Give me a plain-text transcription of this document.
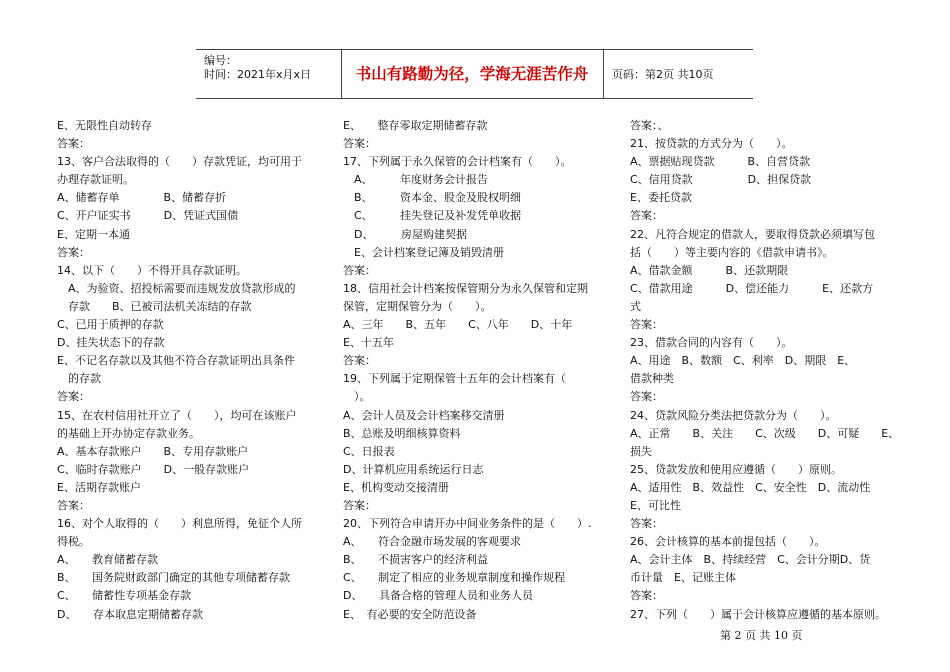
编号：
时间：2021年x月x日	书山有路勤为径，学海无涯苦作舟	页码：第2页 共10页
E、无限性自动转存
答案：
13、客户合法取得的（　　）存款凭证，均可用于
办理存款证明。
A、储蓄存单　　　　B、储蓄存折
C、开户证实书　　　D、凭证式国债
E、定期一本通
答案：
14、以下（　　）不得开具存款证明。
　A、为验资、招投标需要而违规发放贷款形成的
　存款　　B、已被司法机关冻结的存款
C、已用于质押的存款
D、挂失状态下的存款
E、不记名存款以及其他不符合存款证明出具条件
　的存款
答案：
15、在农村信用社开立了（　　），均可在该账户
的基础上开办协定存款业务。
A、基本存款账户　　B、专用存款账户
C、临时存款账户　　D、一般存款账户
E、活期存款账户
答案：
16、对个人取得的（　　）利息所得，免征个人所
得税。
A、　　教育储蓄存款
B、　　国务院财政部门确定的其他专项储蓄存款
C、　　储蓄性专项基金存款
D、　　存本取息定期储蓄存款
E、　　整存零取定期储蓄存款
答案：
17、下列属于永久保管的会计档案有（　　）。
　A、　　　年度财务会计报告
　B、　　　资本金、股金及股权明细
　C、　　　挂失登记及补发凭单收据
　D、　　　房屋购建契据
　E、会计档案登记簿及销毁清册
答案：
18、信用社会计档案按保管期分为永久保管和定期
保管，定期保管分为（　　）。
A、三年　　B、五年　　C、八年　　D、十年
E、十五年
答案：
19、下列属于定期保管十五年的会计档案有（
　）。
A、会计人员及会计档案移交清册
B、总账及明细核算资料
C、日报表
D、计算机应用系统运行日志
E、机构变动交接清册
答案：
20、下列符合申请开办中间业务条件的是（　　）.
A、　　符合金融市场发展的客观要求
B、　　不损害客户的经济利益
C、　　制定了相应的业务规章制度和操作规程
D、　　具备合格的管理人员和业务人员
E、　有必要的安全防范设备
答案：、
21、按贷款的方式分为（　　）。
A、票据贴现贷款　　　B、自营贷款
C、信用贷款　　　　　D、担保贷款
E、委托贷款
答案：
22、凡符合规定的借款人，要取得贷款必须填写包
括（　　）等主要内容的《借款申请书》。
A、借款金额　　　B、还款期限
C、借款用途　　　D、偿还能力　　　E、还款方
式
答案：
23、借款合同的内容有（　　）。
A、用途　B、数额　C、利率　D、期限　E、
借款种类
答案：
24、贷款风险分类法把贷款分为（　　）。
A、正常　　B、关注　　C、次级　　D、可疑　　E、
损失
25、贷款发放和使用应遵循（　　）原则。
A、适用性　B、效益性　C、安全性　D、流动性
E、可比性
答案：
26、会计核算的基本前提包括（　　）。
A、会计主体　B、持续经营　C、会计分期D、货
币计量　E、记账主体
答案：
27、下列（　　）属于会计核算应遵循的基本原则。
第 2 页 共 10 页
